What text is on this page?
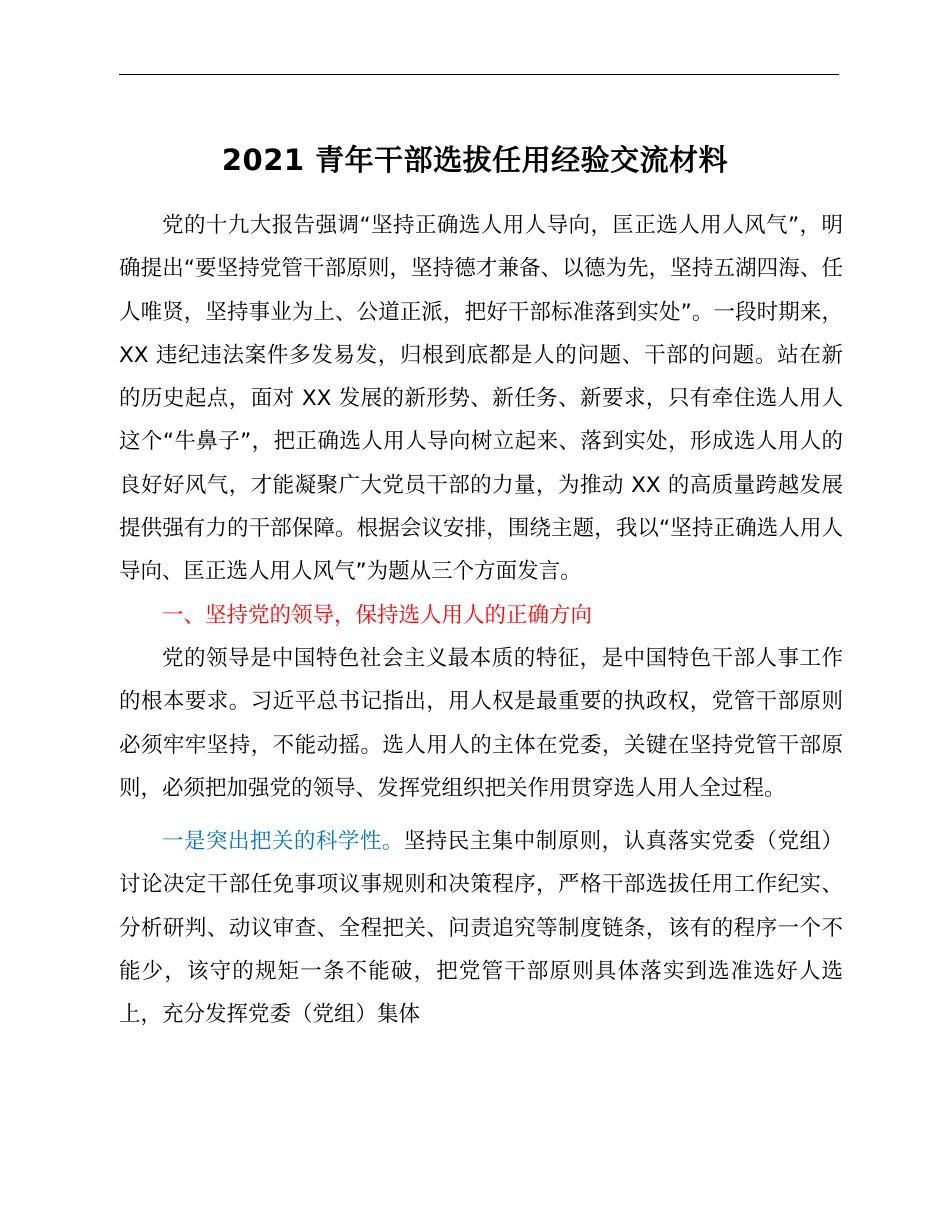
2021 青年干部选拔任用经验交流材料

党的十九大报告强调“坚持正确选人用人导向，匡正选人用人风气”，明确提出“要坚持党管干部原则，坚持德才兼备、以德为先，坚持五湖四海、任人唯贤，坚持事业为上、公道正派，把好干部标准落到实处”。一段时期来，XX 违纪违法案件多发易发，归根到底都是人的问题、干部的问题。站在新的历史起点，面对 XX 发展的新形势、新任务、新要求，只有牵住选人用人这个“牛鼻子”，把正确选人用人导向树立起来、落到实处，形成选人用人的良好好风气，才能凝聚广大党员干部的力量，为推动 XX 的高质量跨越发展提供强有力的干部保障。根据会议安排，围绕主题，我以“坚持正确选人用人导向、匡正选人用人风气”为题从三个方面发言。

一、坚持党的领导，保持选人用人的正确方向

党的领导是中国特色社会主义最本质的特征，是中国特色干部人事工作的根本要求。习近平总书记指出，用人权是最重要的执政权，党管干部原则必须牢牢坚持，不能动摇。选人用人的主体在党委，关键在坚持党管干部原则，必须把加强党的领导、发挥党组织把关作用贯穿选人用人全过程。

一是突出把关的科学性。坚持民主集中制原则，认真落实党委（党组）讨论决定干部任免事项议事规则和决策程序，严格干部选拔任用工作纪实、分析研判、动议审查、全程把关、问责追究等制度链条，该有的程序一个不能少，该守的规矩一条不能破，把党管干部原则具体落实到选准选好人选上，充分发挥党委（党组）集体
